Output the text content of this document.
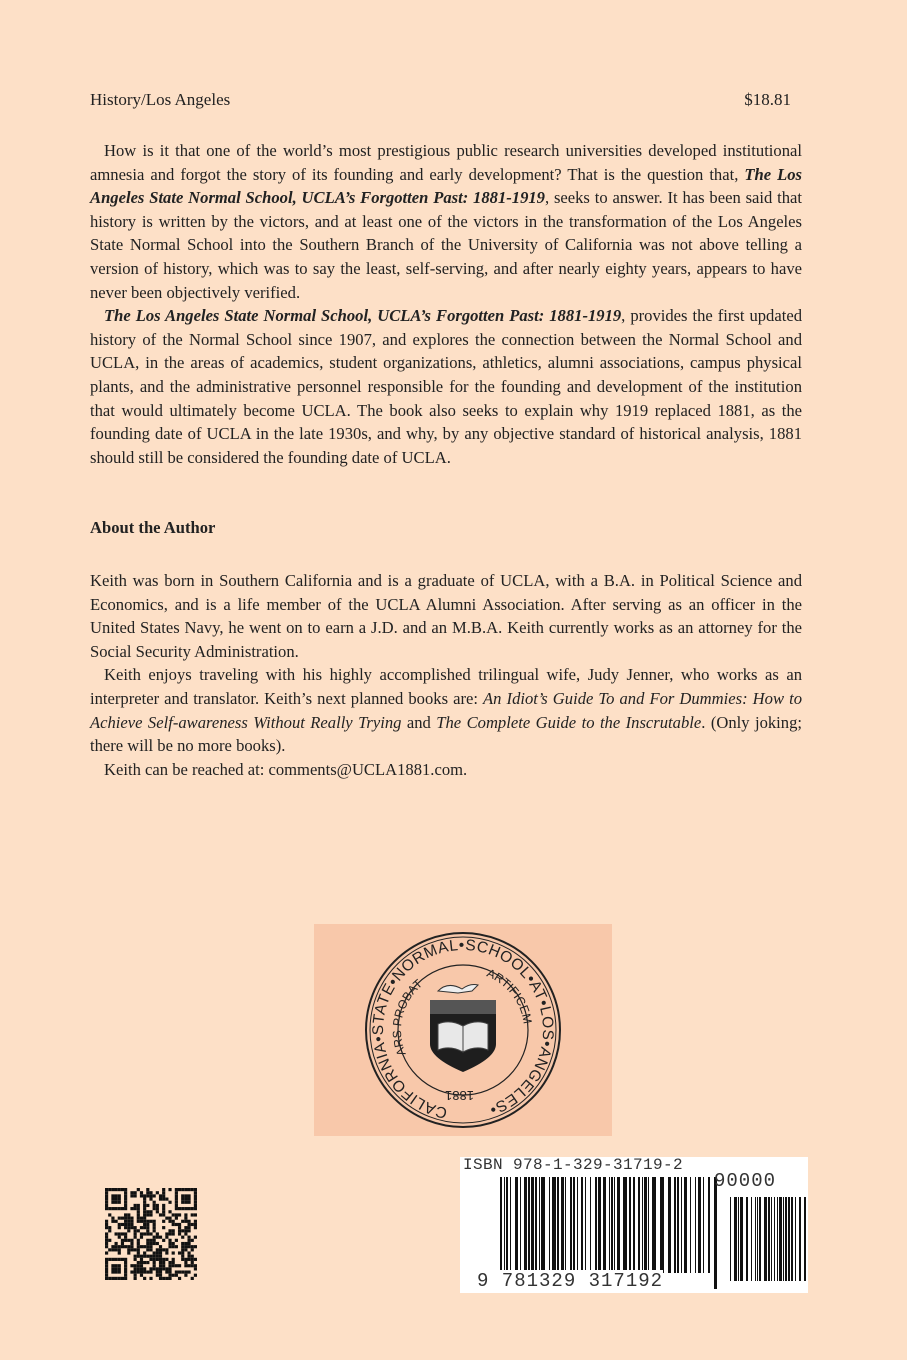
History/Los Angeles	$18.81

How is it that one of the world’s most prestigious public research universities developed institutional amnesia and forgot the story of its founding and early development? That is the question that, The Los Angeles State Normal School, UCLA’s Forgotten Past: 1881-1919, seeks to answer. It has been said that history is written by the victors, and at least one of the victors in the transformation of the Los Angeles State Normal School into the Southern Branch of the University of California was not above telling a version of history, which was to say the least, self-serving, and after nearly eighty years, appears to have never been objectively verified.

The Los Angeles State Normal School, UCLA’s Forgotten Past: 1881-1919, provides the first updated history of the Normal School since 1907, and explores the connection between the Normal School and UCLA, in the areas of academics, student organizations, athletics, alumni associations, campus physical plants, and the administrative personnel responsible for the founding and development of the institution that would ultimately become UCLA. The book also seeks to explain why 1919 replaced 1881, as the founding date of UCLA in the late 1930s, and why, by any objective standard of historical analysis, 1881 should still be considered the founding date of UCLA.

About the Author

Keith was born in Southern California and is a graduate of UCLA, with a B.A. in Political Science and Economics, and is a life member of the UCLA Alumni Association. After serving as an officer in the United States Navy, he went on to earn a J.D. and an M.B.A. Keith currently works as an attorney for the Social Security Administration.

Keith enjoys traveling with his highly accomplished trilingual wife, Judy Jenner, who works as an interpreter and translator. Keith’s next planned books are: An Idiot’s Guide To and For Dummies: How to Achieve Self-awareness Without Really Trying and The Complete Guide to the Inscrutable. (Only joking; there will be no more books).

Keith can be reached at: comments@UCLA1881.com.

CALIFORNIA•STATE•NORMAL•SCHOOL•AT•LOS•ANGELES•
1881
ARS PROBAT
ARTIFICEM
ISBN 978-1-329-31719-2
90000
9 781329 317192
